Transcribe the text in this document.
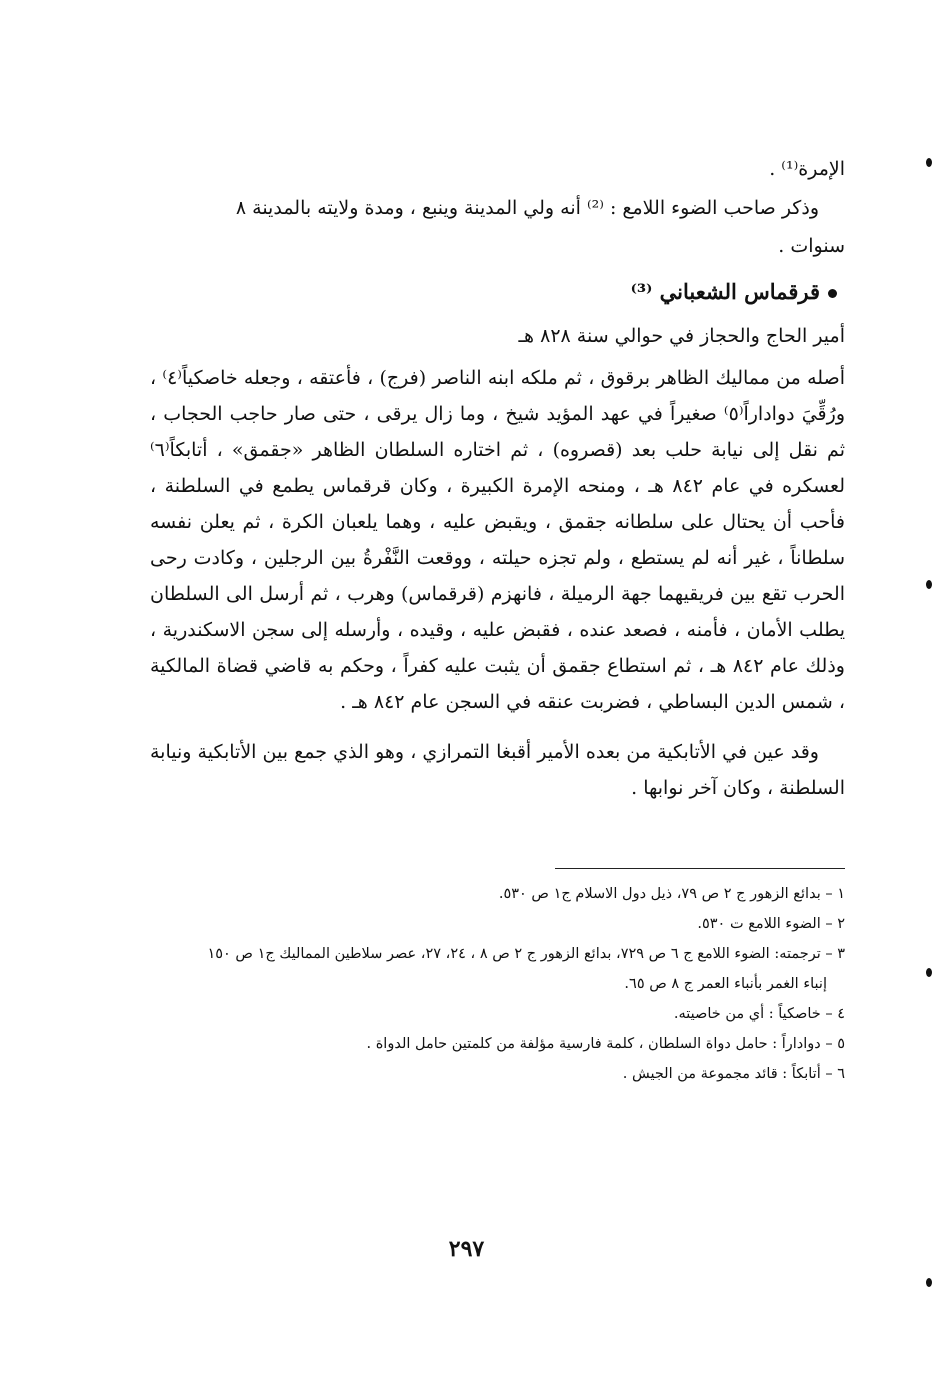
الإمرة⁽¹⁾ .

وذكر صاحب الضوء اللامع : ⁽²⁾ أنه ولي المدينة وينبع ، ومدة ولايته بالمدينة ٨

سنوات .

قرقماس الشعباني ⁽³⁾

أمير الحاج والحجاز في حوالي سنة ٨٢٨ هـ

أصله من مماليك الظاهر برقوق ، ثم ملكه ابنه الناصر (فرج) ، فأعتقه ، وجعله خاصكياً⁽٤⁾ ، ورُقِّيَ دواداراً⁽٥⁾ صغيراً في عهد المؤيد شيخ ، وما زال يرقى ، حتى صار حاجب الحجاب ، ثم نقل إلى نيابة حلب بعد (قصروه) ، ثم اختاره السلطان الظاهر «جقمق» ، أتابكاً⁽٦⁾ لعسكره في عام ٨٤٢ هـ ، ومنحه الإمرة الكبيرة ، وكان قرقماس يطمع في السلطنة ، فأحب أن يحتال على سلطانه جقمق ، ويقبض عليه ، وهما يلعبان الكرة ، ثم يعلن نفسه سلطاناً ، غير أنه لم يستطع ، ولم تجزه حيلته ، ووقعت النَّفْرةُ بين الرجلين ، وكادت رحى الحرب تقع بين فريقيهما جهة الرميلة ، فانهزم (قرقماس) وهرب ، ثم أرسل الى السلطان يطلب الأمان ، فأمنه ، فصعد عنده ، فقبض عليه ، وقيده ، وأرسله إلى سجن الاسكندرية ، وذلك عام ٨٤٢ هـ ، ثم استطاع جقمق أن يثبت عليه كفراً ، وحكم به قاضي قضاة المالكية ، شمس الدين البساطي ، فضربت عنقه في السجن عام ٨٤٢ هـ .

وقد عين في الأتابكية من بعده الأمير أقبغا التمرازي ، وهو الذي جمع بين الأتابكية ونيابة السلطنة ، وكان آخر نوابها .

١ – بدائع الزهور ج ٢ ص ٧٩، ذيل دول الاسلام ج١ ص ٥٣٠.

٢ – الضوء اللامع ت ٥٣٠.

٣ – ترجمته: الضوء اللامع ج ٦ ص ٧٢٩، بدائع الزهور ج ٢ ص ٨ ، ٢٤، ٢٧، عصر سلاطين المماليك ج١ ص ١٥٠

إنباء الغمر بأنباء العمر ج ٨ ص ٦٥.

٤ – خاصكياً : أي من خاصيته.

٥ – دواداراً : حامل دواة السلطان ، كلمة فارسية مؤلفة من كلمتين حامل الدواة .

٦ – أتابكاً : قائد مجموعة من الجيش .

٢٩٧
